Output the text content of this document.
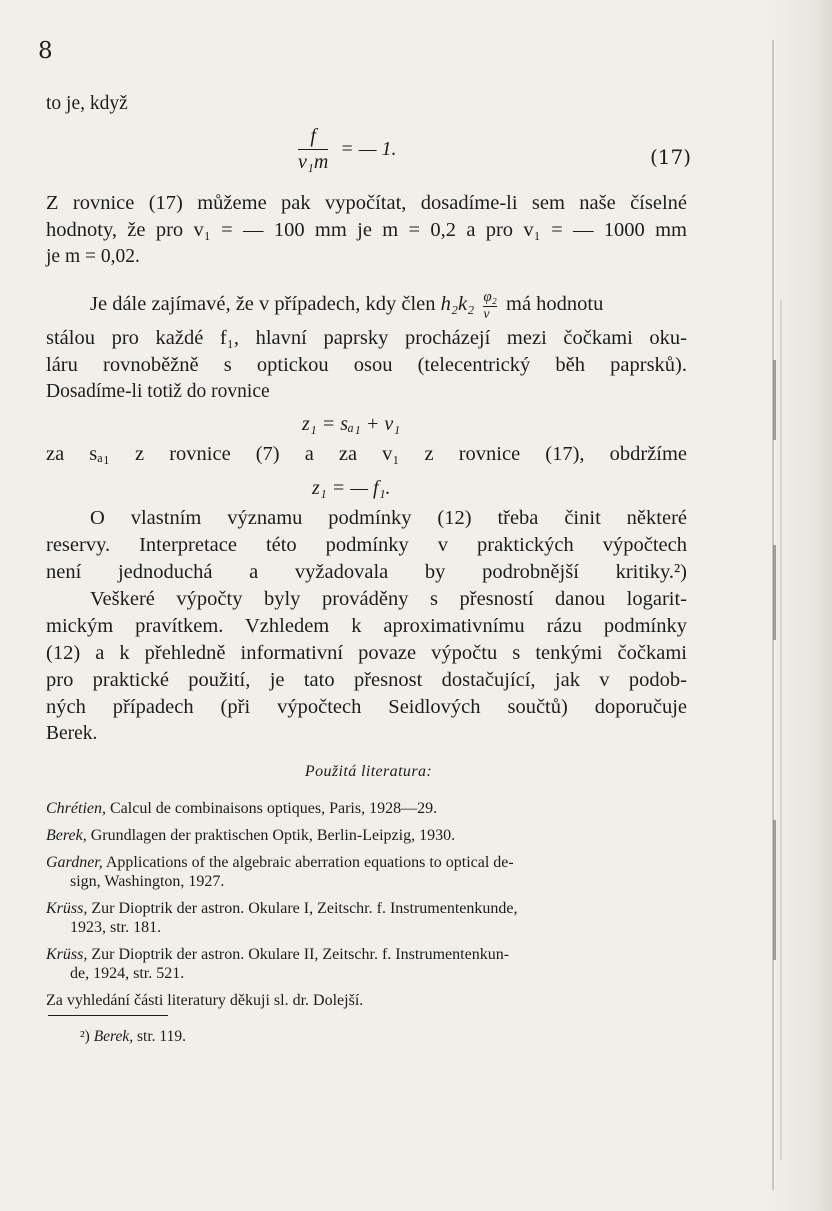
8
to je, když
$\frac{f}{\text{v₁m}}$ = — 1.	(17)
Z rovnice (17) můžeme pak vypočítat, dosadíme-li sem naše číselné
hodnoty, že pro v₁ = — 100 mm je m = 0,2 a pro v₁ = — 1000 mm
je m = 0,02.
Je dále zajímavé, že v případech, kdy člen $h_2k_2 \frac{\text{φ₂}}{v}$ má hodnotu
stálou pro každé f₁, hlavní paprsky procházejí mezi čočkami oku-
láru rovnoběžně s optickou osou (telecentrický běh paprsků).
Dosadíme-li totiž do rovnice
z₁ = sₐ₁ + v₁
za sₐ₁ z rovnice (7) a za v₁ z rovnice (17), obdržíme
z₁ = — f₁.
O vlastním významu podmínky (12) třeba činit některé
reservy. Interpretace této podmínky v praktických výpočtech
není jednoduchá a vyžadovala by podrobnější kritiky.²)
Veškeré výpočty byly prováděny s přesností danou logarit-
mickým pravítkem. Vzhledem k aproximativnímu rázu podmínky
(12) a k přehledně informativní povaze výpočtu s tenkými čočkami
pro praktické použití, je tato přesnost dostačující, jak v podob-
ných případech (při výpočtech Seidlových součtů) doporučuje
Berek.
Použitá literatura:
Chrétien, Calcul de combinaisons optiques, Paris, 1928—29.
Berek, Grundlagen der praktischen Optik, Berlin-Leipzig, 1930.
Gardner, Applications of the algebraic aberration equations to optical de-
sign, Washington, 1927.
Krüss, Zur Dioptrik der astron. Okulare I, Zeitschr. f. Instrumentenkunde,
1923, str. 181.
Krüss, Zur Dioptrik der astron. Okulare II, Zeitschr. f. Instrumentenkun-
de, 1924, str. 521.
Za vyhledání části literatury děkuji sl. dr. Dolejší.
²) Berek, str. 119.
